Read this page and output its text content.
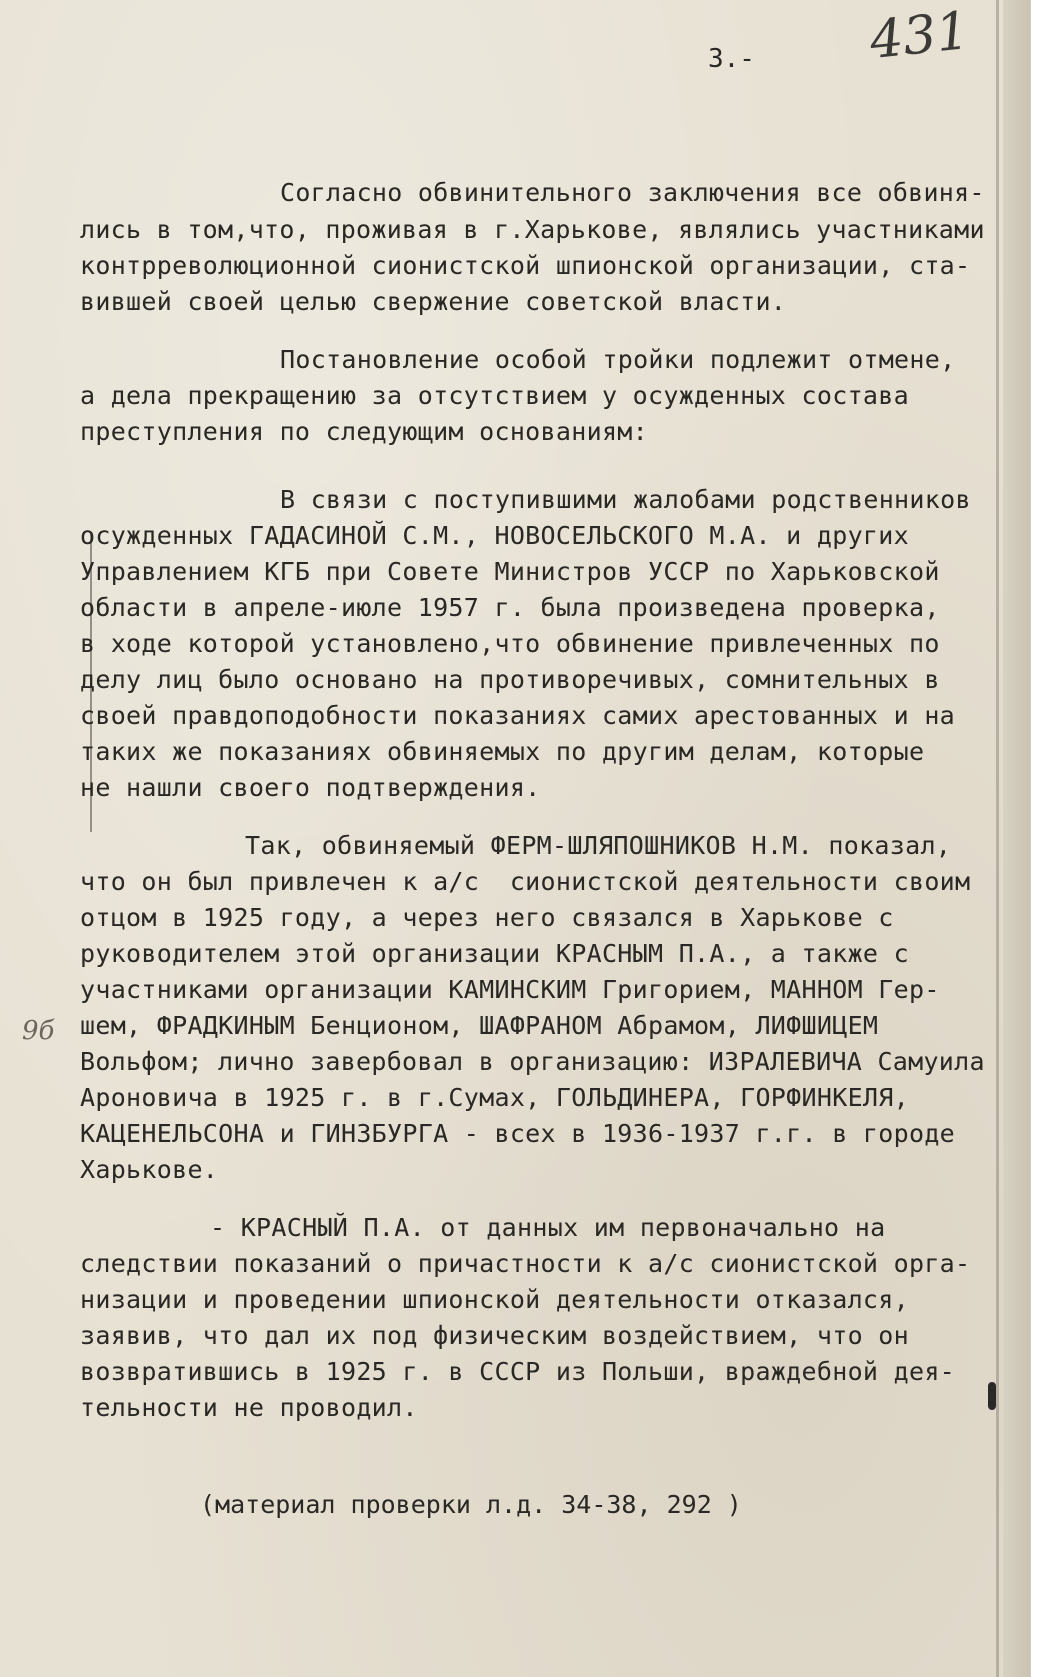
3.- 431
9б
Согласно обвинительного заключения все обвиня-
лись в том,что, проживая в г.Харькове, являлись участниками
контрреволюционной сионистской шпионской организации, ста-
вившей своей целью свержение советской власти.
Постановление особой тройки подлежит отмене,
а дела прекращению за отсутствием у осужденных состава
преступления по следующим основаниям:
В связи с поступившими жалобами родственников
осужденных ГАДАСИНОЙ С.М., НОВОСЕЛЬСКОГО М.А. и других
Управлением КГБ при Совете Министров УССР по Харьковской
области в апреле-июле 1957 г. была произведена проверка,
в ходе которой установлено,что обвинение привлеченных по
делу лиц было основано на противоречивых, сомнительных в
своей правдоподобности показаниях самих арестованных и на
таких же показаниях обвиняемых по другим делам, которые
не нашли своего подтверждения.
Так, обвиняемый ФЕРМ-ШЛЯПОШНИКОВ Н.М. показал,
что он был привлечен к а/с  сионистской деятельности своим
отцом в 1925 году, а через него связался в Харькове с
руководителем этой организации КРАСНЫМ П.А., а также с
участниками организации КАМИНСКИМ Григорием, МАННОМ Гер-
шем, ФРАДКИНЫМ Бенционом, ШАФРАНОМ Абрамом, ЛИФШИЦЕМ
Вольфом; лично завербовал в организацию: ИЗРАЛЕВИЧА Самуила
Ароновича в 1925 г. в г.Сумах, ГОЛЬДИНЕРА, ГОРФИНКЕЛЯ,
КАЦЕНЕЛЬСОНА и ГИНЗБУРГА - всех в 1936-1937 г.г. в городе
Харькове.
- КРАСНЫЙ П.А. от данных им первоначально на
следствии показаний о причастности к а/с сионистской орга-
низации и проведении шпионской деятельности отказался,
заявив, что дал их под физическим воздействием, что он
возвратившись в 1925 г. в СССР из Польши, враждебной дея-
тельности не проводил.
(материал проверки л.д. 34-38, 292 )
